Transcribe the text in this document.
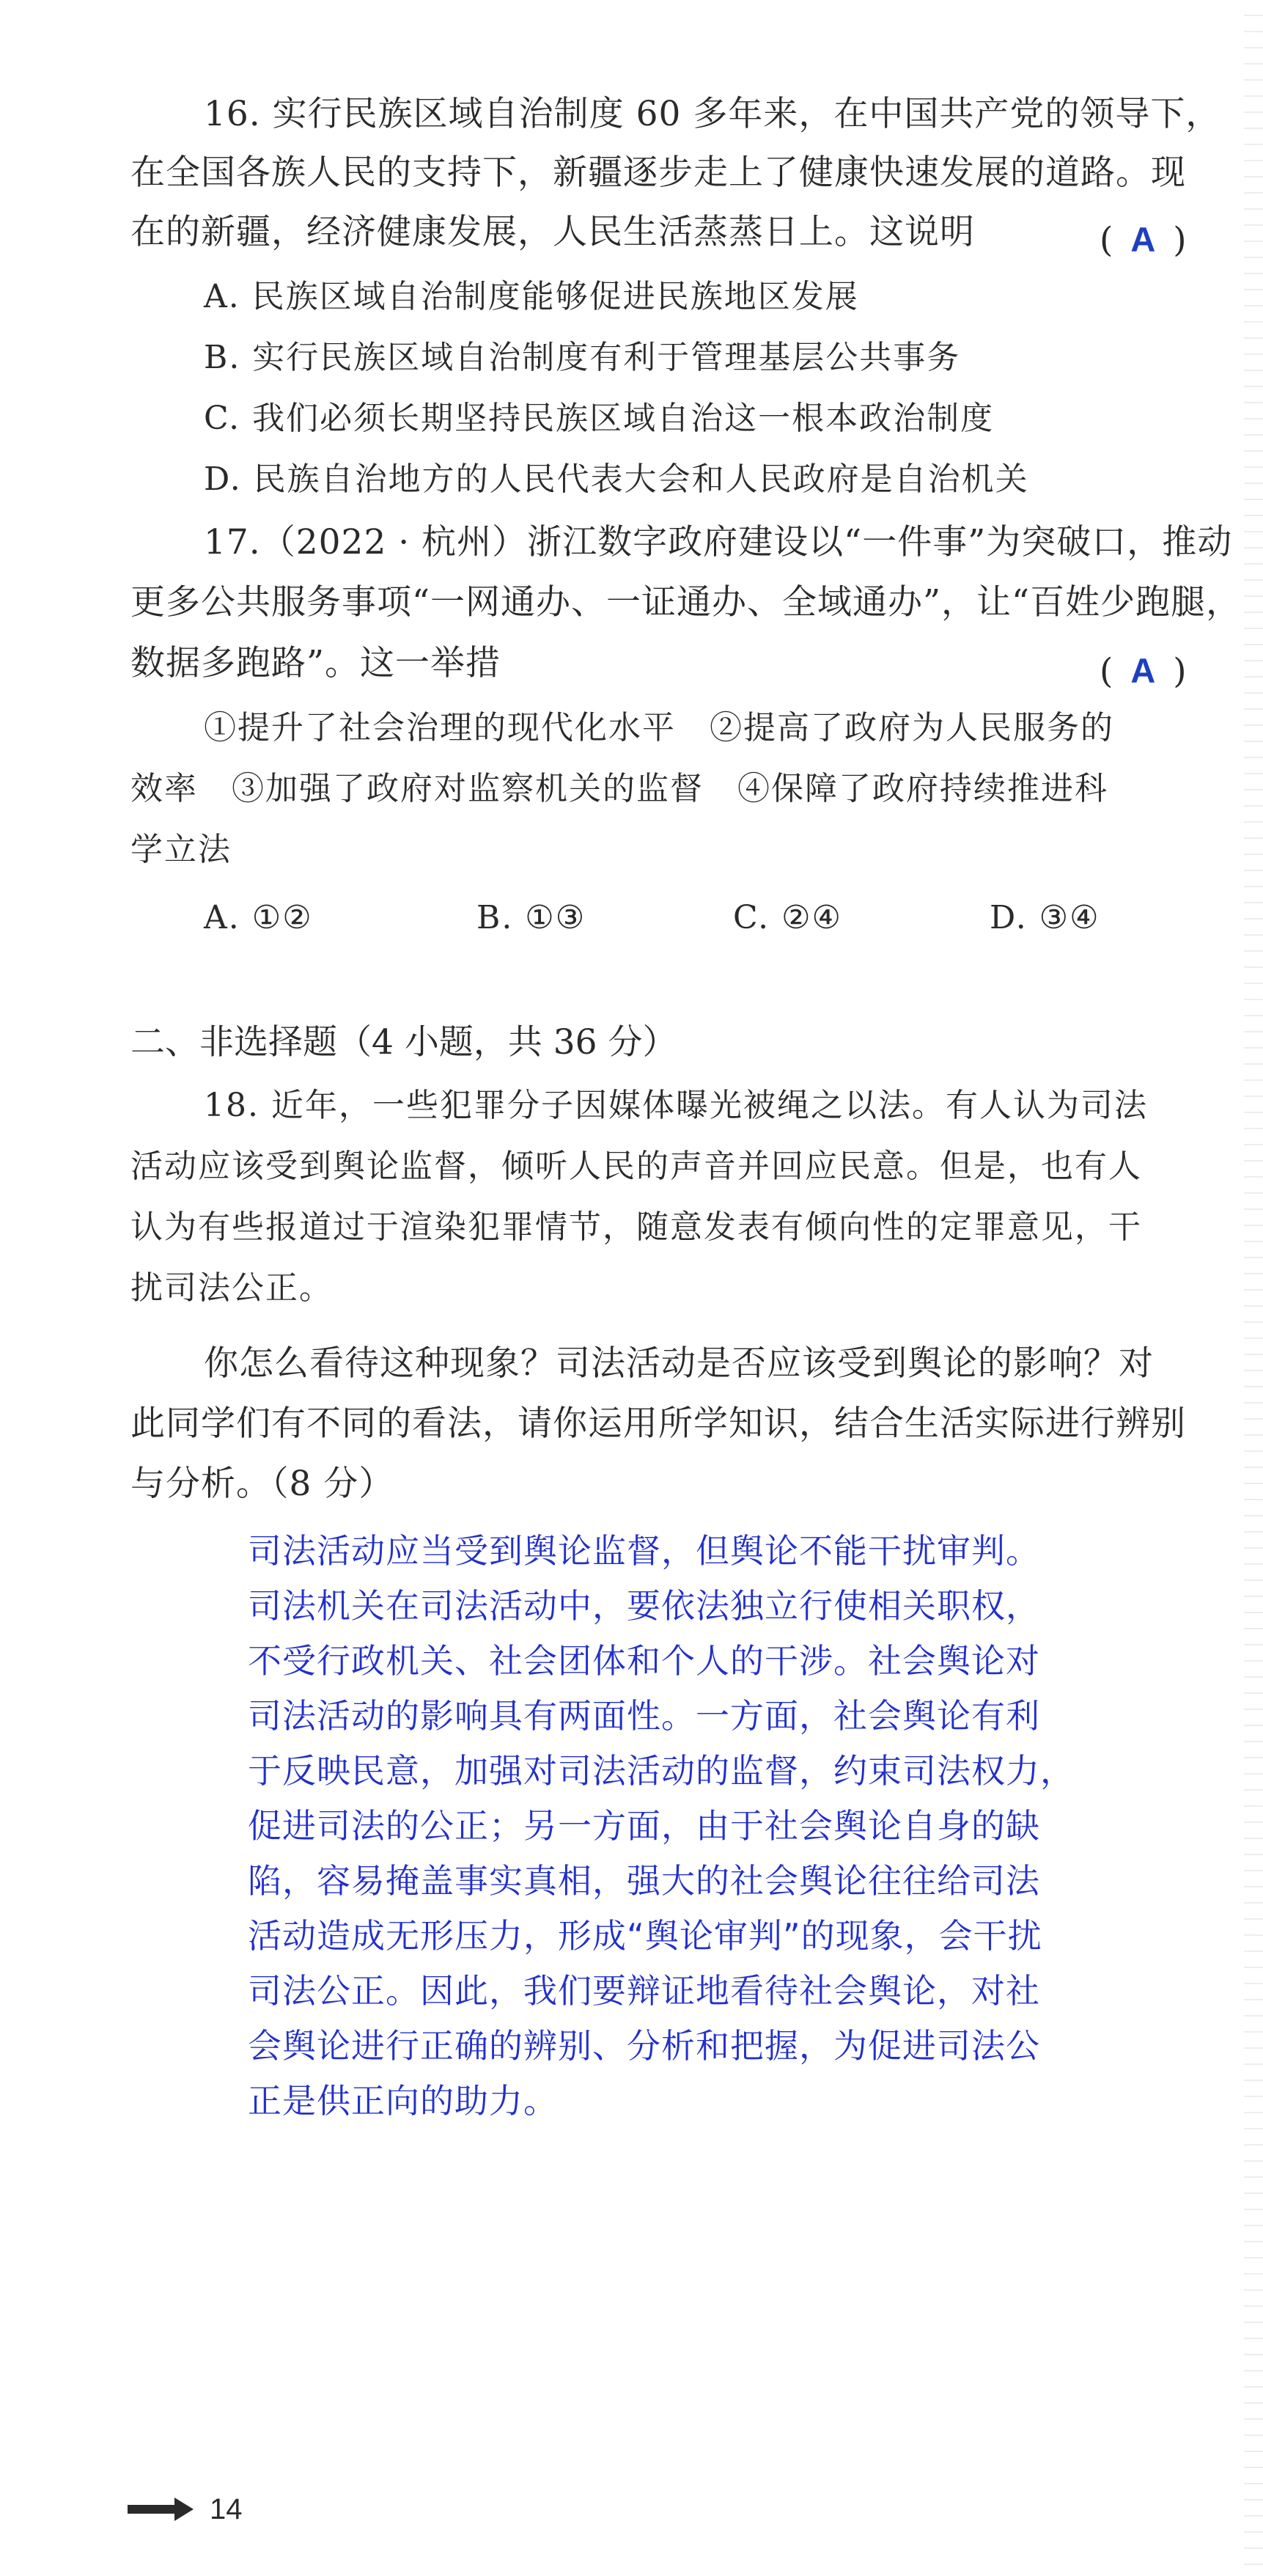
16. 实行民族区域自治制度 60 多年来，在中国共产党的领导下，
在全国各族人民的支持下，新疆逐步走上了健康快速发展的道路。现
在的新疆，经济健康发展，人民生活蒸蒸日上。这说明	( A )
A. 民族区域自治制度能够促进民族地区发展
B. 实行民族区域自治制度有利于管理基层公共事务
C. 我们必须长期坚持民族区域自治这一根本政治制度
D. 民族自治地方的人民代表大会和人民政府是自治机关
17.（2022 · 杭州）浙江数字政府建设以“一件事”为突破口，推动
更多公共服务事项“一网通办、一证通办、全域通办”，让“百姓少跑腿，
数据多跑路”。这一举措	( A )
①提升了社会治理的现代化水平　②提高了政府为人民服务的
效率　③加强了政府对监察机关的监督　④保障了政府持续推进科
学立法
A. ①②	B. ①③	C. ②④	D. ③④
二、非选择题（4 小题，共 36 分）
18. 近年，一些犯罪分子因媒体曝光被绳之以法。有人认为司法
活动应该受到舆论监督，倾听人民的声音并回应民意。但是，也有人
认为有些报道过于渲染犯罪情节，随意发表有倾向性的定罪意见，干
扰司法公正。
你怎么看待这种现象？司法活动是否应该受到舆论的影响？对
此同学们有不同的看法，请你运用所学知识，结合生活实际进行辨别
与分析。（8 分）
司法活动应当受到舆论监督，但舆论不能干扰审判。
司法机关在司法活动中，要依法独立行使相关职权，
不受行政机关、社会团体和个人的干涉。社会舆论对
司法活动的影响具有两面性。一方面，社会舆论有利
于反映民意，加强对司法活动的监督，约束司法权力，
促进司法的公正；另一方面，由于社会舆论自身的缺
陷，容易掩盖事实真相，强大的社会舆论往往给司法
活动造成无形压力，形成“舆论审判”的现象，会干扰
司法公正。因此，我们要辩证地看待社会舆论，对社
会舆论进行正确的辨别、分析和把握，为促进司法公
正是供正向的助力。
14
